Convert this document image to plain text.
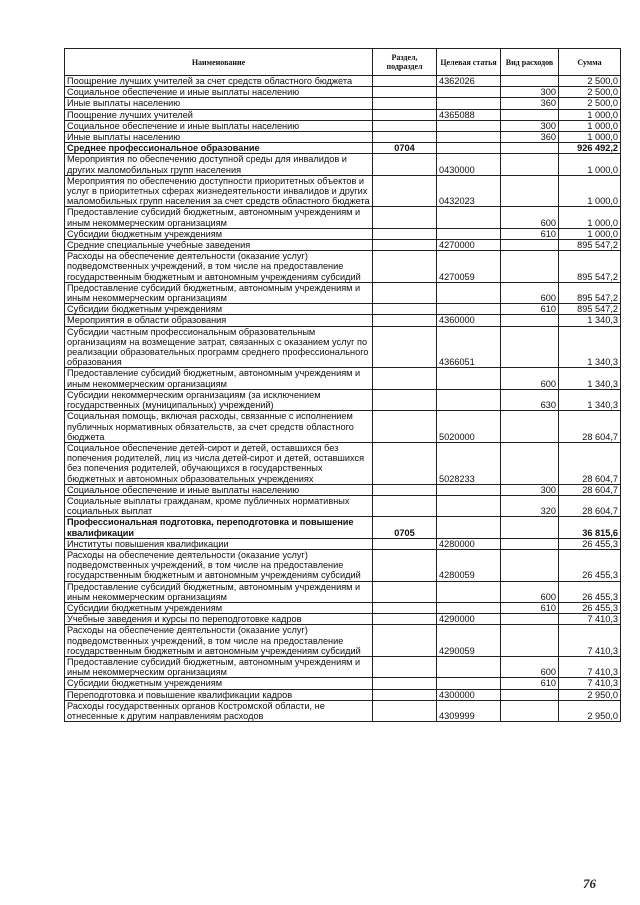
Наименование	Раздел, подраздел	Целевая статья	Вид расходов	Сумма
Поощрение лучших учителей за счет средств областного бюджета		4362026		2 500,0
Социальное обеспечение и иные выплаты населению			300	2 500,0
Иные выплаты населению			360	2 500,0
Поощрение лучших учителей		4365088		1 000,0
Социальное обеспечение и иные выплаты населению			300	1 000,0
Иные выплаты населению			360	1 000,0
Среднее профессиональное образование	0704			926 492,2
Мероприятия по обеспечению доступной среды для инвалидов и других маломобильных групп населения		0430000		1 000,0
Мероприятия по обеспечению доступности приоритетных объектов и услуг в приоритетных сферах жизнедеятельности инвалидов и других маломобильных групп населения за счет средств областного бюджета		0432023		1 000,0
Предоставление субсидий бюджетным, автономным учреждениям и иным некоммерческим организациям			600	1 000,0
Субсидии бюджетным учреждениям			610	1 000,0
Средние специальные учебные заведения		4270000		895 547,2
Расходы на обеспечение деятельности (оказание услуг) подведомственных учреждений, в том числе на предоставление государственным бюджетным и автономным учреждениям субсидий		4270059		895 547,2
Предоставление субсидий бюджетным, автономным учреждениям и иным некоммерческим организациям			600	895 547,2
Субсидии бюджетным учреждениям			610	895 547,2
Мероприятия в области образования		4360000		1 340,3
Субсидии частным профессиональным образовательным организациям на возмещение затрат, связанных с оказанием услуг по реализации образовательных программ среднего профессионального образования		4366051		1 340,3
Предоставление субсидий бюджетным, автономным учреждениям и иным некоммерческим организациям			600	1 340,3
Субсидии некоммерческим организациям (за исключением государственных (муниципальных) учреждений)			630	1 340,3
Социальная помощь, включая расходы, связанные с исполнением публичных нормативных обязательств, за счет средств областного бюджета		5020000		28 604,7
Социальное обеспечение детей-сирот и детей, оставшихся без попечения родителей, лиц из числа детей-сирот и детей, оставшихся без попечения родителей, обучающихся в государственных бюджетных и автономных образовательных учреждениях		5028233		28 604,7
Социальное обеспечение и иные выплаты населению			300	28 604,7
Социальные выплаты гражданам, кроме публичных нормативных социальных выплат			320	28 604,7
Профессиональная подготовка, переподготовка и повышение квалификации	0705			36 815,6
Институты повышения квалификации		4280000		26 455,3
Расходы на обеспечение деятельности (оказание услуг) подведомственных учреждений, в том числе на предоставление государственным бюджетным и автономным учреждениям субсидий		4280059		26 455,3
Предоставление субсидий бюджетным, автономным учреждениям и иным некоммерческим организациям			600	26 455,3
Субсидии бюджетным учреждениям			610	26 455,3
Учебные заведения и курсы по переподготовке кадров		4290000		7 410,3
Расходы на обеспечение деятельности (оказание услуг) подведомственных учреждений, в том числе на предоставление государственным бюджетным и автономным учреждениям субсидий		4290059		7 410,3
Предоставление субсидий бюджетным, автономным учреждениям и иным некоммерческим организациям			600	7 410,3
Субсидии бюджетным учреждениям			610	7 410,3
Переподготовка и повышение квалификации кадров		4300000		2 950,0
Расходы государственных органов Костромской области, не отнесенные к другим направлениям расходов		4309999		2 950,0
76
